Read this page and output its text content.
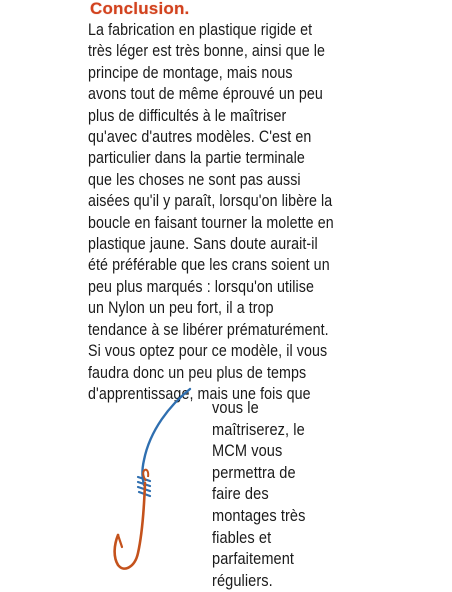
Conclusion.
La fabrication en plastique rigide et
très léger est très bonne, ainsi que le
principe de montage, mais nous
avons tout de même éprouvé un peu
plus de difficultés à le maîtriser
qu'avec d'autres modèles. C'est en
particulier dans la partie terminale
que les choses ne sont pas aussi
aisées qu'il y paraît, lorsqu'on libère la
boucle en faisant tourner la molette en
plastique jaune. Sans doute aurait-il
été préférable que les crans soient un
peu plus marqués : lorsqu'on utilise
un Nylon un peu fort, il a trop
tendance à se libérer prématurément.
Si vous optez pour ce modèle, il vous
faudra donc un peu plus de temps
d'apprentissage, mais une fois que
vous le
maîtriserez, le
MCM vous
permettra de
faire des
montages très
fiables et
parfaitement
réguliers.
